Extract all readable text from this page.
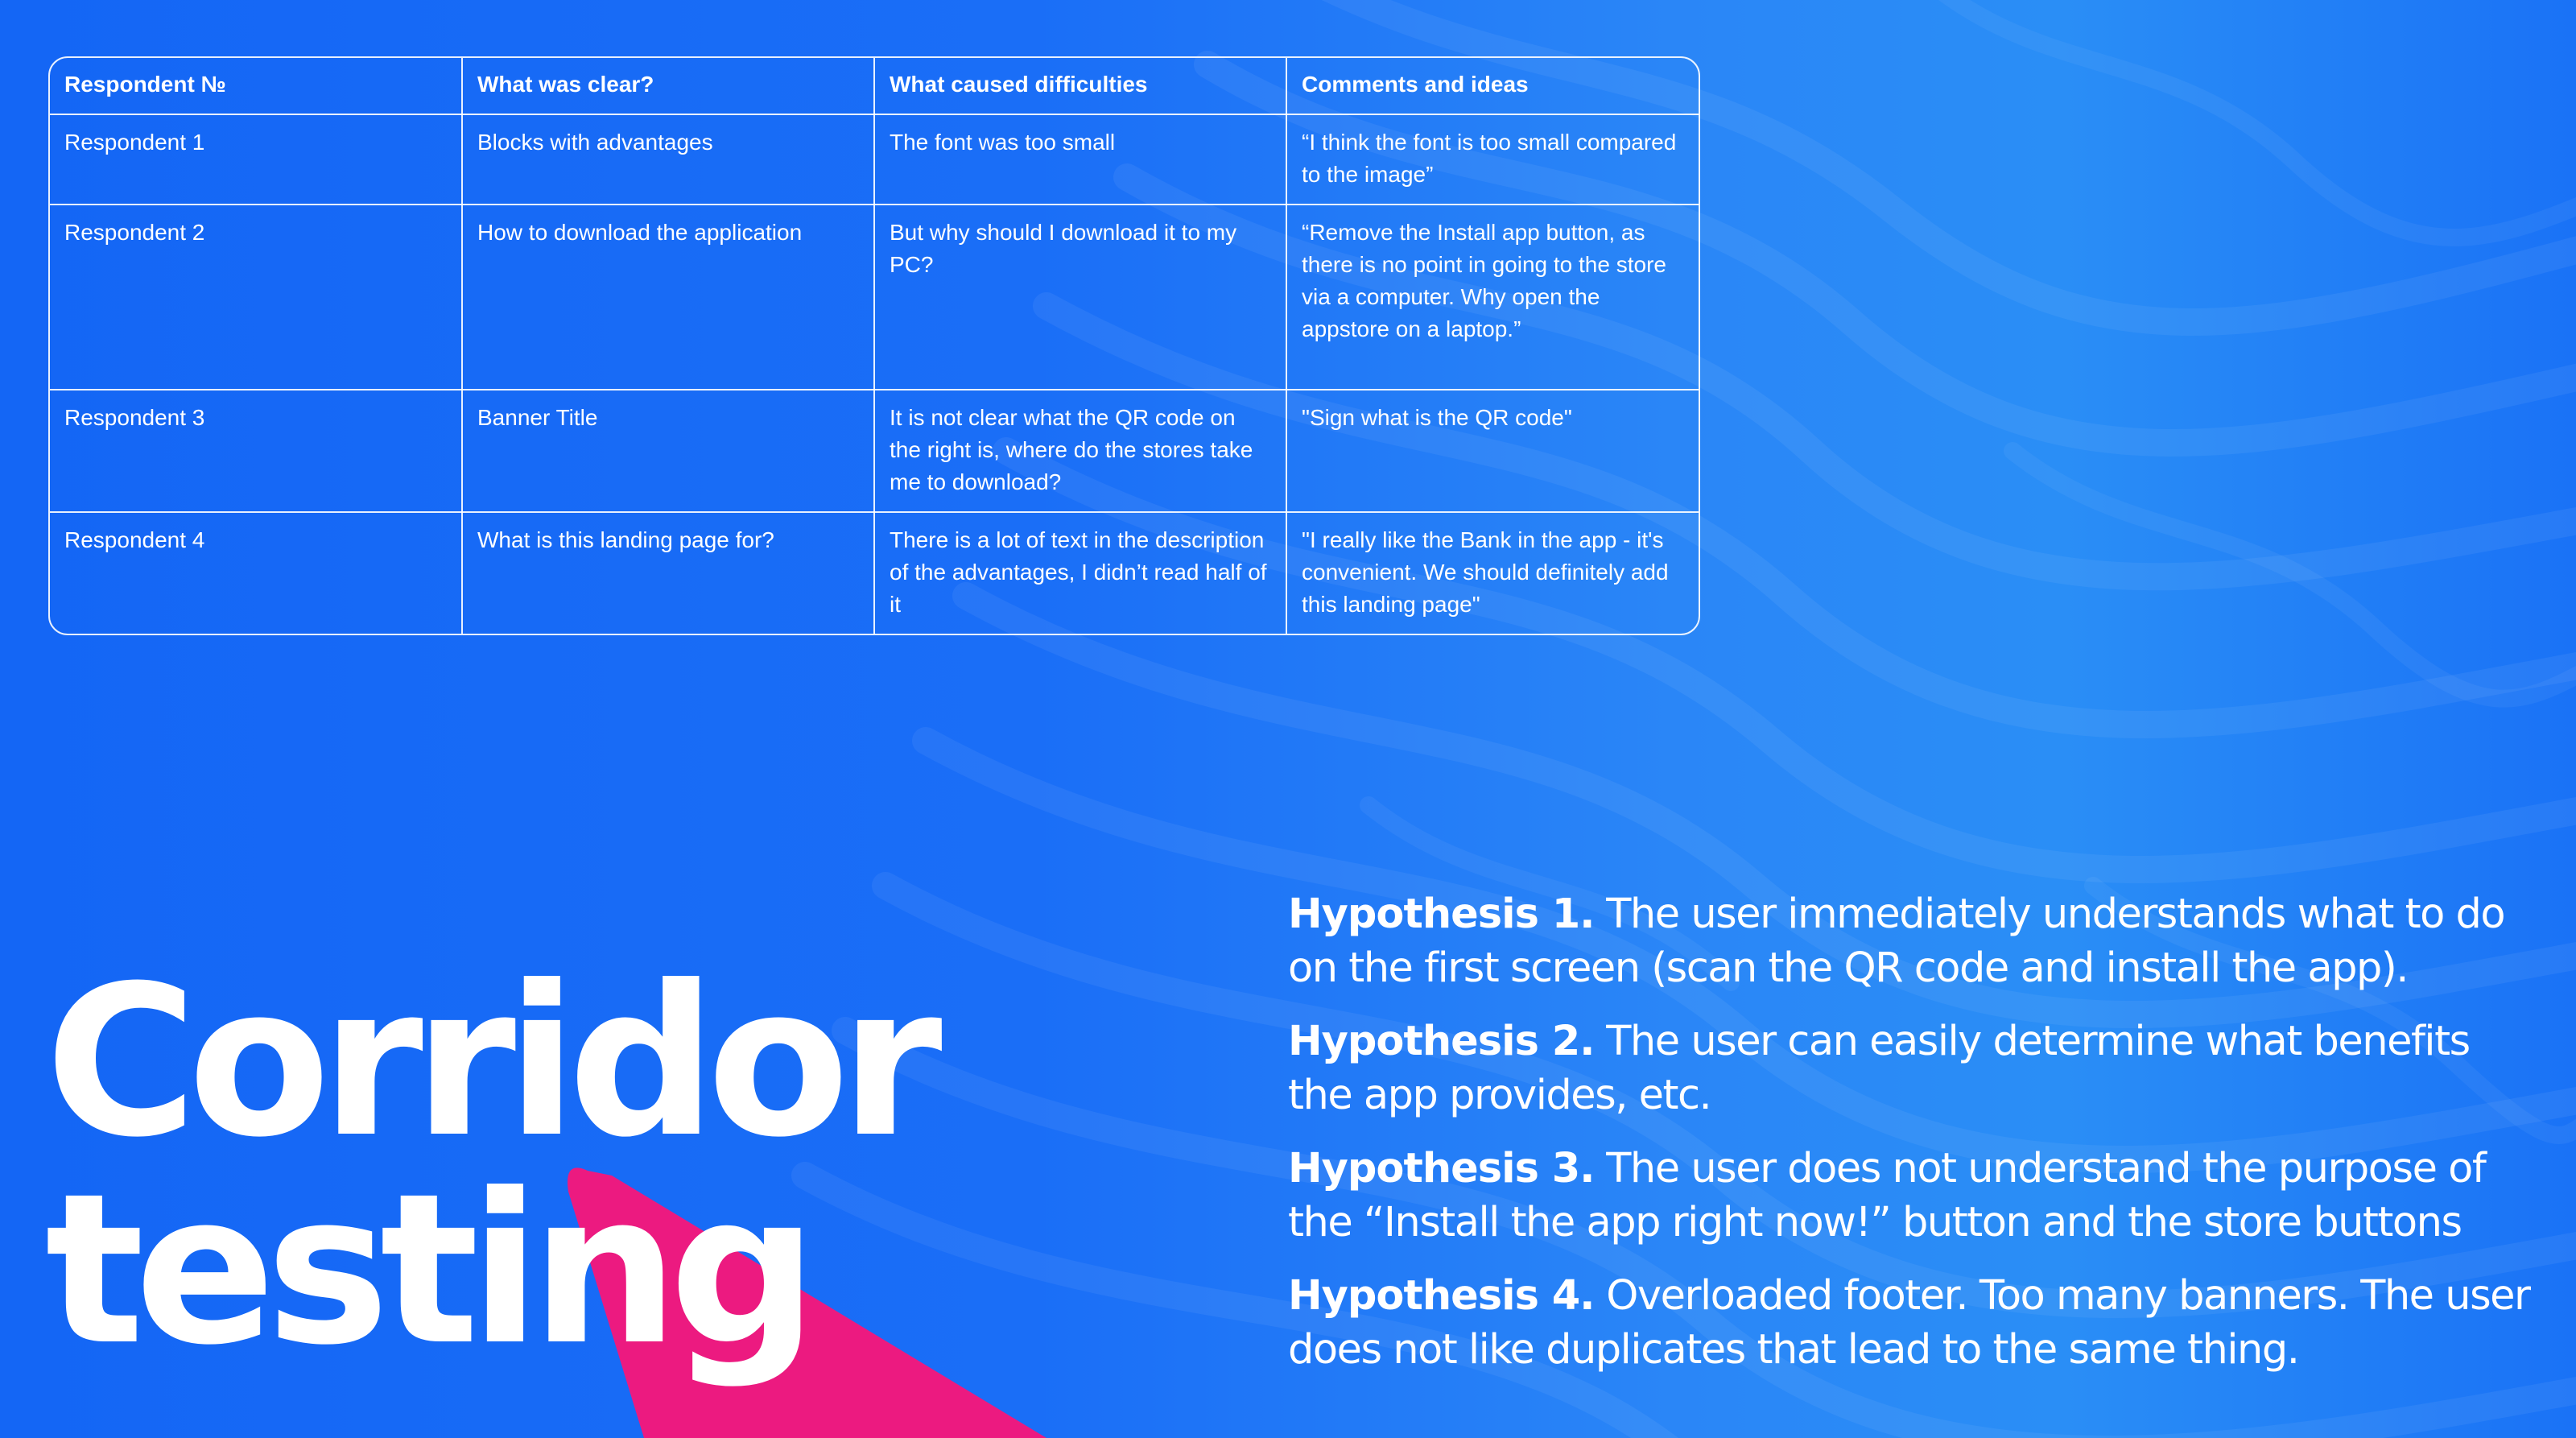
Respondent №	What was clear?	What caused difficulties	Comments and ideas
Respondent 1	Blocks with advantages	The font was too small	“I think the font is too small compared to the image”
Respondent 2	How to download the application	But why should I download it to my PC?	“Remove the Install app button, as there is no point in going to the store via a computer. Why open the appstore on a laptop.”
Respondent 3	Banner Title	It is not clear what the QR code on the right is, where do the stores take me to download?	"Sign what is the QR code"
Respondent 4	What is this landing page for?	There is a lot of text in the description of the advantages, I didn’t read half of it	"I really like the Bank in the app - it's convenient. We should definitely add this landing page"
Corridor
testing

Hypothesis 1. The user immediately understands what to do on the first screen (scan the QR code and install the app).

Hypothesis 2. The user can easily determine what benefits the app provides, etc.

Hypothesis 3. The user does not understand the purpose of the “Install the app right now!” button and the store buttons

Hypothesis 4. Overloaded footer. Too many banners. The user does not like duplicates that lead to the same thing.
